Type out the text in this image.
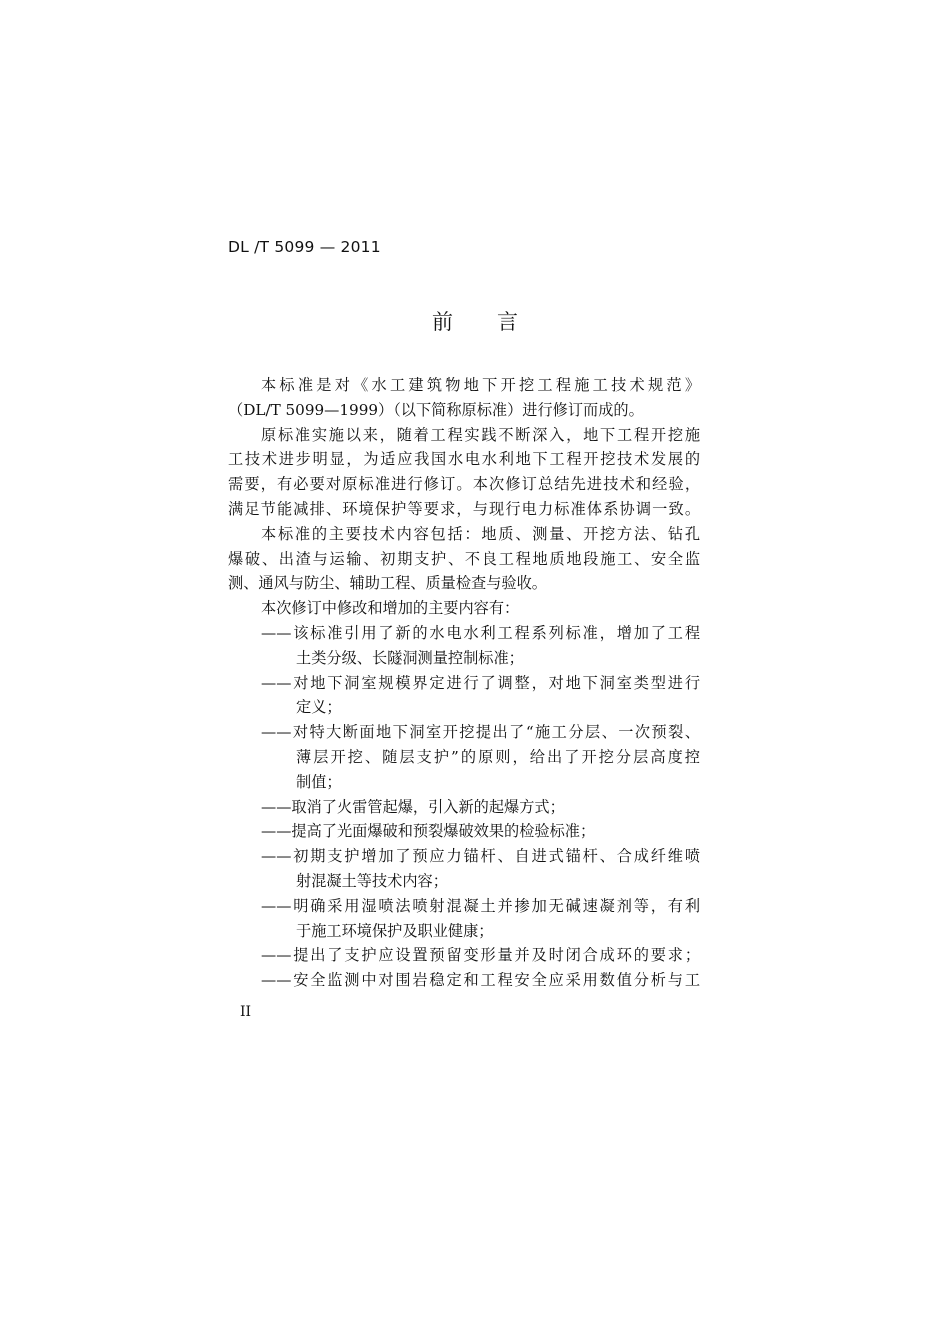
DL /T 5099 — 2011
前言
本标准是对《水工建筑物地下开挖工程施工技术规范》
（DL/T 5099—1999）（以下简称原标准）进行修订而成的。
原标准实施以来，随着工程实践不断深入，地下工程开挖施
工技术进步明显，为适应我国水电水利地下工程开挖技术发展的
需要，有必要对原标准进行修订。本次修订总结先进技术和经验，
满足节能减排、环境保护等要求，与现行电力标准体系协调一致。
本标准的主要技术内容包括：地质、测量、开挖方法、钻孔
爆破、出渣与运输、初期支护、不良工程地质地段施工、安全监
测、通风与防尘、辅助工程、质量检查与验收。
本次修订中修改和增加的主要内容有：
——该标准引用了新的水电水利工程系列标准，增加了工程
土类分级、长隧洞测量控制标准；
——对地下洞室规模界定进行了调整，对地下洞室类型进行
定义；
——对特大断面地下洞室开挖提出了“施工分层、一次预裂、
薄层开挖、随层支护”的原则，给出了开挖分层高度控
制值；
——取消了火雷管起爆，引入新的起爆方式；
——提高了光面爆破和预裂爆破效果的检验标准；
——初期支护增加了预应力锚杆、自进式锚杆、合成纤维喷
射混凝土等技术内容；
——明确采用湿喷法喷射混凝土并掺加无碱速凝剂等，有利
于施工环境保护及职业健康；
——提出了支护应设置预留变形量并及时闭合成环的要求；
——安全监测中对围岩稳定和工程安全应采用数值分析与工
II
